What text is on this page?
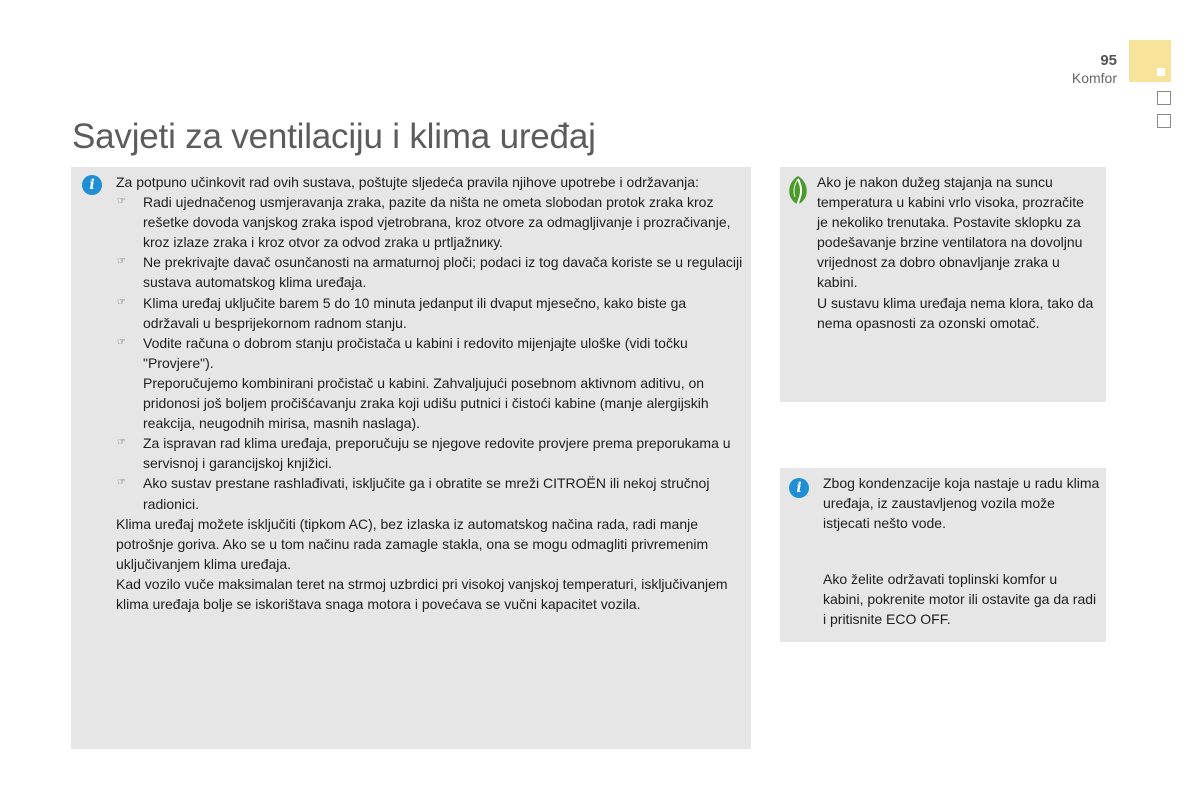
95
Komfor
Savjeti za ventilaciju i klima uređaj
i	Za potpuno učinkovit rad ovih sustava, poštujte sljedeća pravila njihove upotrebe i održavanja:

☞ Radi ujednačenog usmjeravanja zraka, pazite da ništa ne ometa slobodan protok zraka kroz rešetke dovoda vanjskog zraka ispod vjetrobrana, kroz otvore za odmagljivanje i prozračivanje, kroz izlaze zraka i kroz otvor za odvod zraka u prtljažnику.
☞ Ne prekrivajte davač osunčanosti na armaturnoj ploči; podaci iz tog davača koriste se u regulaciji sustava automatskog klima uređaja.
☞ Klima uređaj uključite barem 5 do 10 minuta jedanput ili dvaput mjesečno, kako biste ga održavali u besprijekornom radnom stanju.
☞ Vodite računa o dobrom stanju pročistača u kabini i redovito mijenjajte uloške (vidi točku "Provjere").
Preporučujemo kombinirani pročistač u kabini. Zahvaljujući posebnom aktivnom aditivu, on pridonosi još boljem pročišćavanju zraka koji udišu putnici i čistoći kabine (manje alergijskih reakcija, neugodnih mirisa, masnih naslaga).
☞ Za ispravan rad klima uređaja, preporučuju se njegove redovite provjere prema preporukama u servisnoj i garancijskoj knjižici.
☞ Ako sustav prestane rashlađivati, isključite ga i obratite se mreži CITROËN ili nekoj stručnoj radionici.

Klima uređaj možete isključiti (tipkom AC), bez izlaska iz automatskog načina rada, radi manje potrošnje goriva. Ako se u tom načinu rada zamagle stakla, ona se mogu odmagliti privremenim uključivanjem klima uređaja.

Kad vozilo vuče maksimalan teret na strmoj uzbrdici pri visokoj vanjskoj temperaturi, isključivanjem klima uređaja bolje se iskorištava snaga motora i povećava se vučni kapacitet vozila.

Ako je nakon dužeg stajanja na suncu temperatura u kabini vrlo visoka, prozračite je nekoliko trenutaka. Postavite sklopku za podešavanje brzine ventilatora na dovoljnu vrijednost za dobro obnavljanje zraka u kabini.

U sustavu klima uređaja nema klora, tako da nema opasnosti za ozonski omotač.

i	Zbog kondenzacije koja nastaje u radu klima uređaja, iz zaustavljenog vozila može istjecati nešto vode.

Ako želite održavati toplinski komfor u kabini, pokrenite motor ili ostavite ga da radi i pritisnite ECO OFF.
